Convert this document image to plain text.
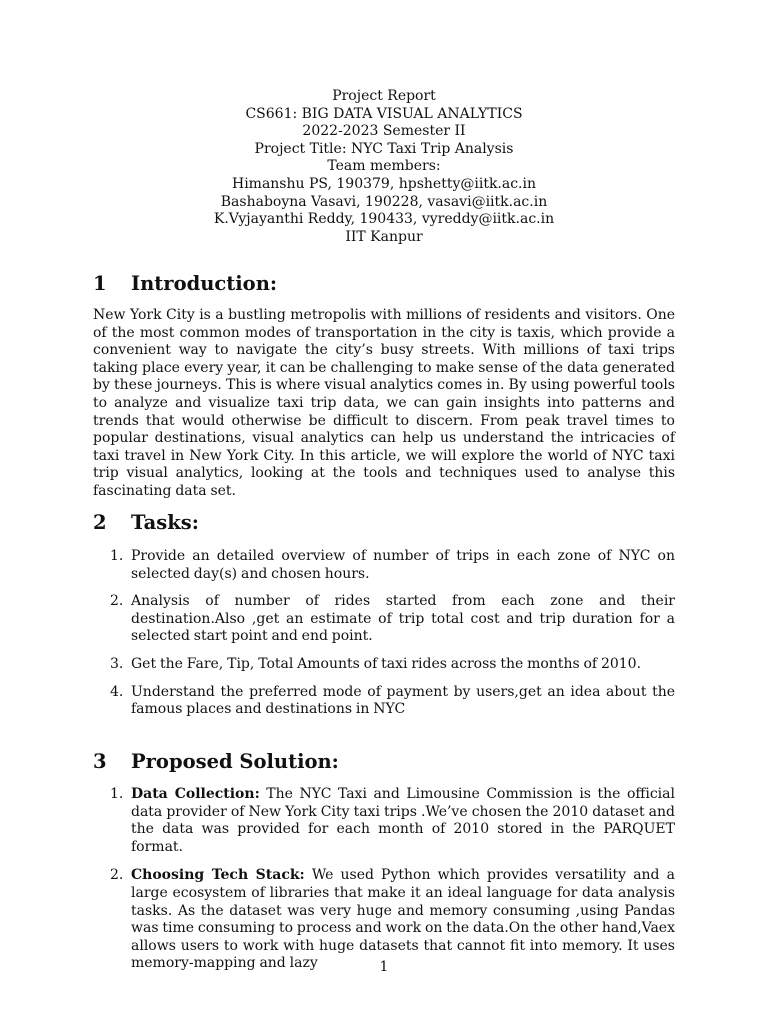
Project Report
CS661: BIG DATA VISUAL ANALYTICS
2022-2023 Semester II
Project Title: NYC Taxi Trip Analysis
Team members:
Himanshu PS, 190379, hpshetty@iitk.ac.in
Bashaboyna Vasavi, 190228, vasavi@iitk.ac.in
K.Vyjayanthi Reddy, 190433, vyreddy@iitk.ac.in
IIT Kanpur
1 Introduction:
New York City is a bustling metropolis with millions of residents and visitors. One of the most common modes of transportation in the city is taxis, which provide a convenient way to navigate the city’s busy streets. With millions of taxi trips taking place every year, it can be challenging to make sense of the data generated by these journeys. This is where visual analytics comes in. By using powerful tools to analyze and visualize taxi trip data, we can gain insights into patterns and trends that would otherwise be difficult to discern. From peak travel times to popular destinations, visual analytics can help us understand the intricacies of taxi travel in New York City. In this article, we will explore the world of NYC taxi trip visual analytics, looking at the tools and techniques used to analyse this fascinating data set.
2 Tasks:
1. Provide an detailed overview of number of trips in each zone of NYC on selected day(s) and chosen hours.
2. Analysis of number of rides started from each zone and their destination.Also ,get an estimate of trip total cost and trip duration for a selected start point and end point.
3. Get the Fare, Tip, Total Amounts of taxi rides across the months of 2010.
4. Understand the preferred mode of payment by users,get an idea about the famous places and destinations in NYC
3 Proposed Solution:
1. Data Collection: The NYC Taxi and Limousine Commission is the official data provider of New York City taxi trips .We’ve chosen the 2010 dataset and the data was provided for each month of 2010 stored in the PARQUET format.
2. Choosing Tech Stack: We used Python which provides versatility and a large ecosystem of libraries that make it an ideal language for data analysis tasks. As the dataset was very huge and memory consuming ,using Pandas was time consuming to process and work on the data.On the other hand,Vaex allows users to work with huge datasets that cannot fit into memory. It uses memory-mapping and lazy	1
